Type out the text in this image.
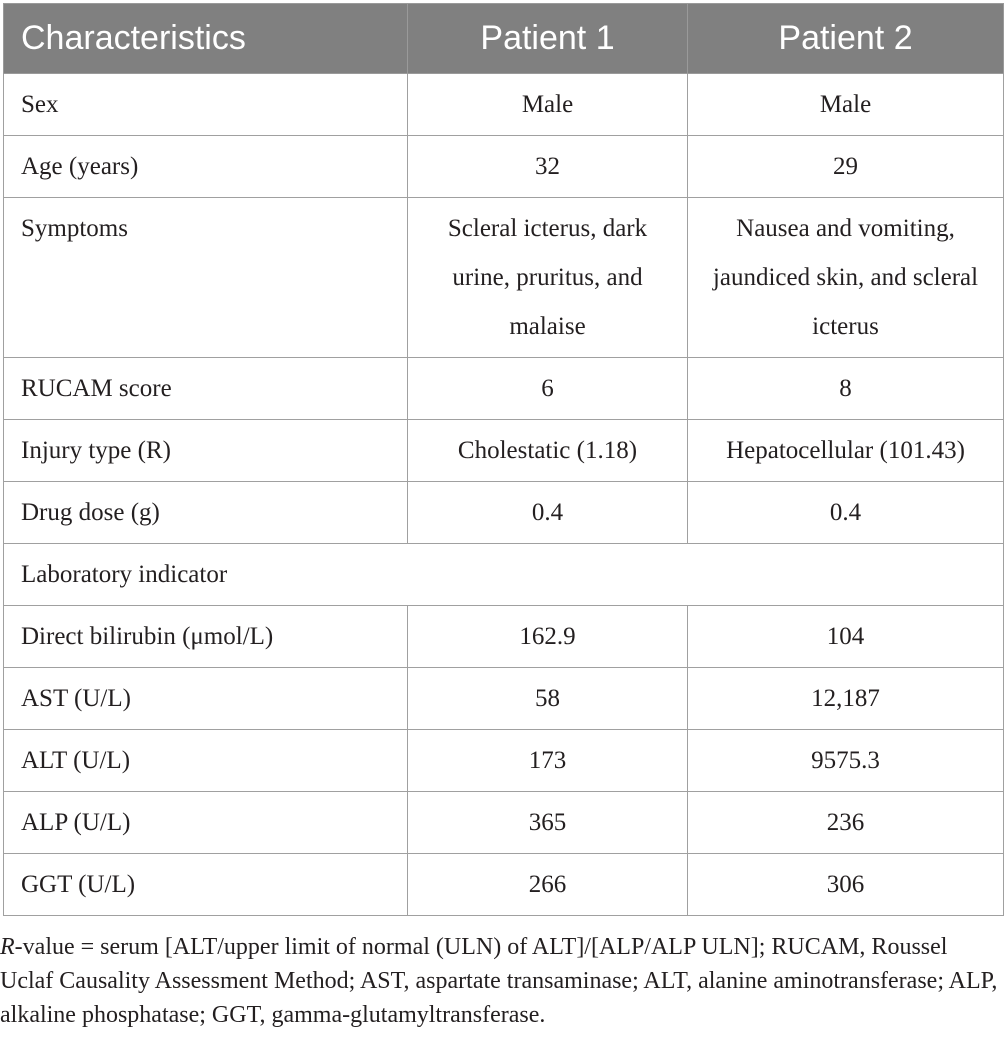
Characteristics	Patient 1	Patient 2
Sex	Male	Male
Age (years)	32	29
Symptoms	Scleral icterus, dark urine, pruritus, and malaise	Nausea and vomiting, jaundiced skin, and scleral icterus
RUCAM score	6	8
Injury type (R)	Cholestatic (1.18)	Hepatocellular (101.43)
Drug dose (g)	0.4	0.4
Laboratory indicator		
Direct bilirubin (μmol/L)	162.9	104
AST (U/L)	58	12,187
ALT (U/L)	173	9575.3
ALP (U/L)	365	236
GGT (U/L)	266	306
R-value = serum [ALT/upper limit of normal (ULN) of ALT]/[ALP/ALP ULN]; RUCAM, Roussel Uclaf Causality Assessment Method; AST, aspartate transaminase; ALT, alanine aminotransferase; ALP, alkaline phosphatase; GGT, gamma-glutamyltransferase.
